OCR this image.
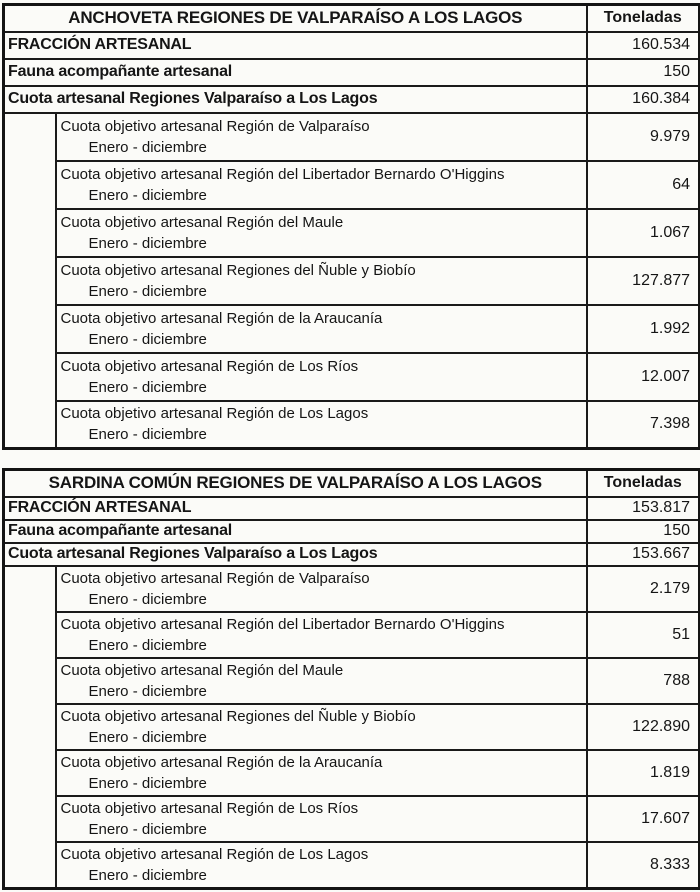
ANCHOVETA REGIONES DE VALPARAÍSO A LOS LAGOS		Toneladas
FRACCIÓN ARTESANAL		160.534
Fauna acompañante artesanal		150
Cuota artesanal Regiones Valparaíso a Los Lagos		160.384

	Cuota objetivo artesanal Región de Valparaíso
Enero - diciembre	9.979

	Cuota objetivo artesanal Región del Libertador Bernardo O'Higgins
Enero - diciembre	64

	Cuota objetivo artesanal Región del Maule
Enero - diciembre	1.067

	Cuota objetivo artesanal Regiones del Ñuble y Biobío
Enero - diciembre	127.877

	Cuota objetivo artesanal Región de la Araucanía
Enero - diciembre	1.992

	Cuota objetivo artesanal Región de Los Ríos
Enero - diciembre	12.007

	Cuota objetivo artesanal Región de Los Lagos
Enero - diciembre	7.398
SARDINA COMÚN REGIONES DE VALPARAÍSO A LOS LAGOS		Toneladas
FRACCIÓN ARTESANAL		153.817
Fauna acompañante artesanal		150
Cuota artesanal Regiones Valparaíso a Los Lagos		153.667

	Cuota objetivo artesanal Región de Valparaíso
Enero - diciembre	2.179

	Cuota objetivo artesanal Región del Libertador Bernardo O'Higgins
Enero - diciembre	51

	Cuota objetivo artesanal Región del Maule
Enero - diciembre	788

	Cuota objetivo artesanal Regiones del Ñuble y Biobío
Enero - diciembre	122.890

	Cuota objetivo artesanal Región de la Araucanía
Enero - diciembre	1.819

	Cuota objetivo artesanal Región de Los Ríos
Enero - diciembre	17.607

	Cuota objetivo artesanal Región de Los Lagos
Enero - diciembre	8.333
